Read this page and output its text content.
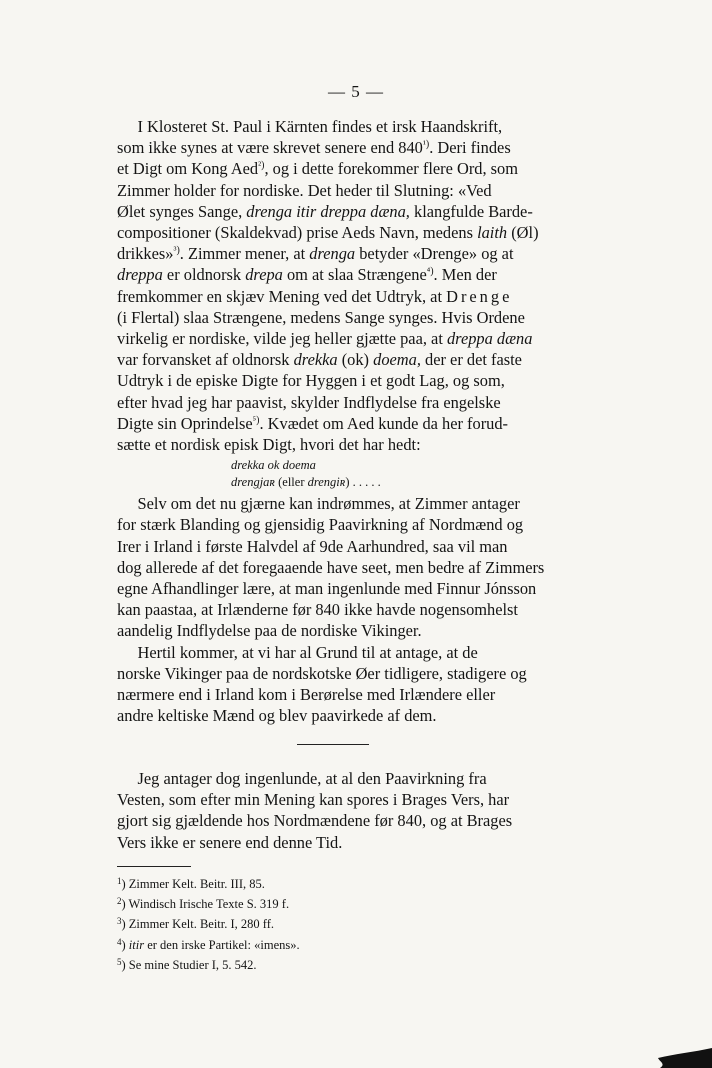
— 5 —

I Klosteret St. Paul i Kärnten findes et irsk Haandskrift,
som ikke synes at være skrevet senere end 840$^{^1)}$. Deri findes
et Digt om Kong Aed$^{^2)}$, og i dette forekommer flere Ord, som
Zimmer holder for nordiske. Det heder til Slutning: «Ved
Ølet synges Sange, drenga itir dreppa dæna, klangfulde Barde-
compositioner (Skaldekvad) prise Aeds Navn, medens laith (Øl)
drikkes»$^{^3)}$. Zimmer mener, at drenga betyder «Drenge» og at
dreppa er oldnorsk drepa om at slaa Strængene$^{^4)}$. Men der
fremkommer en skjæv Mening ved det Udtryk, at Drenge
(i Flertal) slaa Strængene, medens Sange synges. Hvis Ordene
virkelig er nordiske, vilde jeg heller gjætte paa, at dreppa dæna
var forvansket af oldnorsk drekka (ok) doema, der er det faste
Udtryk i de episke Digte for Hyggen i et godt Lag, og som,
efter hvad jeg har paavist, skylder Indflydelse fra engelske
Digte sin Oprindelse$^{^5)}$. Kvædet om Aed kunde da her forud-
sætte et nordisk episk Digt, hvori det har hedt:

drekka ok doema
drengjaʀ (eller drengiʀ) . . . . .

Selv om det nu gjærne kan indrømmes, at Zimmer antager
for stærk Blanding og gjensidig Paavirkning af Nordmænd og
Irer i Irland i første Halvdel af 9de Aarhundred, saa vil man
dog allerede af det foregaaende have seet, men bedre af Zimmers
egne Afhandlinger lære, at man ingenlunde med Finnur Jónsson
kan paastaa, at Irlænderne før 840 ikke havde nogensomhelst
aandelig Indflydelse paa de nordiske Vikinger.

Hertil kommer, at vi har al Grund til at antage, at de
norske Vikinger paa de nordskotske Øer tidligere, stadigere og
nærmere end i Irland kom i Berørelse med Irlændere eller
andre keltiske Mænd og blev paavirkede af dem.

Jeg antager dog ingenlunde, at al den Paavirkning fra
Vesten, som efter min Mening kan spores i Brages Vers, har
gjort sig gjældende hos Nordmændene før 840, og at Brages
Vers ikke er senere end denne Tid.

$^1$) Zimmer Kelt. Beitr. III, 85.
$^2$) Windisch Irische Texte S. 319 f.
$^3$) Zimmer Kelt. Beitr. I, 280 ff.
$^4$) itir er den irske Partikel: «imens».
$^5$) Se mine Studier I, 5. 542.
